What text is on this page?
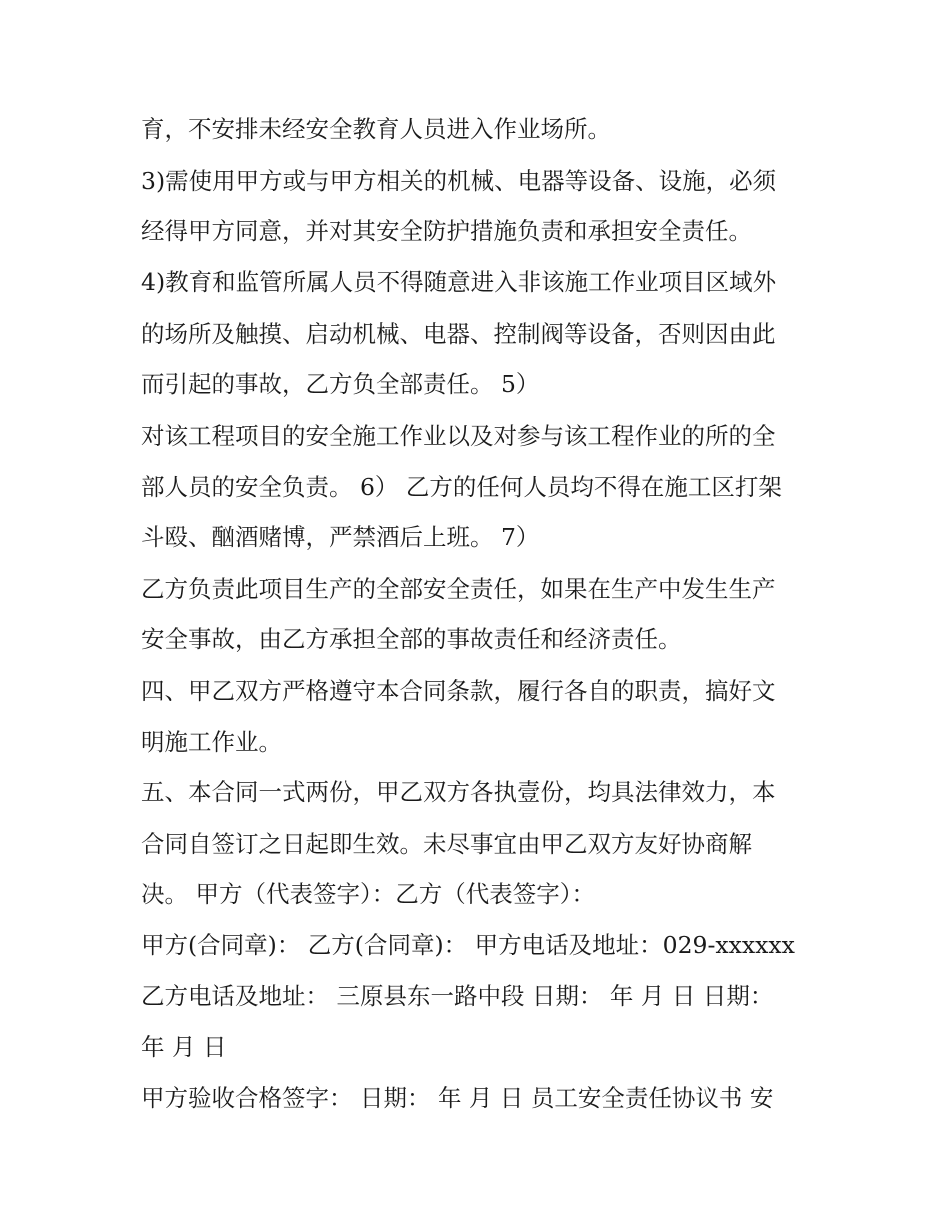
育，不安排未经安全教育人员进入作业场所。
3)需使用甲方或与甲方相关的机械、电器等设备、设施，必须
经得甲方同意，并对其安全防护措施负责和承担安全责任。
4)教育和监管所属人员不得随意进入非该施工作业项目区域外
的场所及触摸、启动机械、电器、控制阀等设备，否则因由此
而引起的事故，乙方负全部责任。 5）
对该工程项目的安全施工作业以及对参与该工程作业的所的全
部人员的安全负责。 6） 乙方的任何人员均不得在施工区打架
斗殴、酗酒赌博，严禁酒后上班。 7）
乙方负责此项目生产的全部安全责任，如果在生产中发生生产
安全事故，由乙方承担全部的事故责任和经济责任。
四、甲乙双方严格遵守本合同条款，履行各自的职责，搞好文
明施工作业。
五、本合同一式两份，甲乙双方各执壹份，均具法律效力，本
合同自签订之日起即生效。未尽事宜由甲乙双方友好协商解
决。 甲方（代表签字）：乙方（代表签字）：
甲方(合同章)： 乙方(合同章)： 甲方电话及地址：029-xxxxxx
乙方电话及地址： 三原县东一路中段 日期： 年 月 日 日期：
年 月 日
甲方验收合格签字： 日期： 年 月 日 员工安全责任协议书 安
